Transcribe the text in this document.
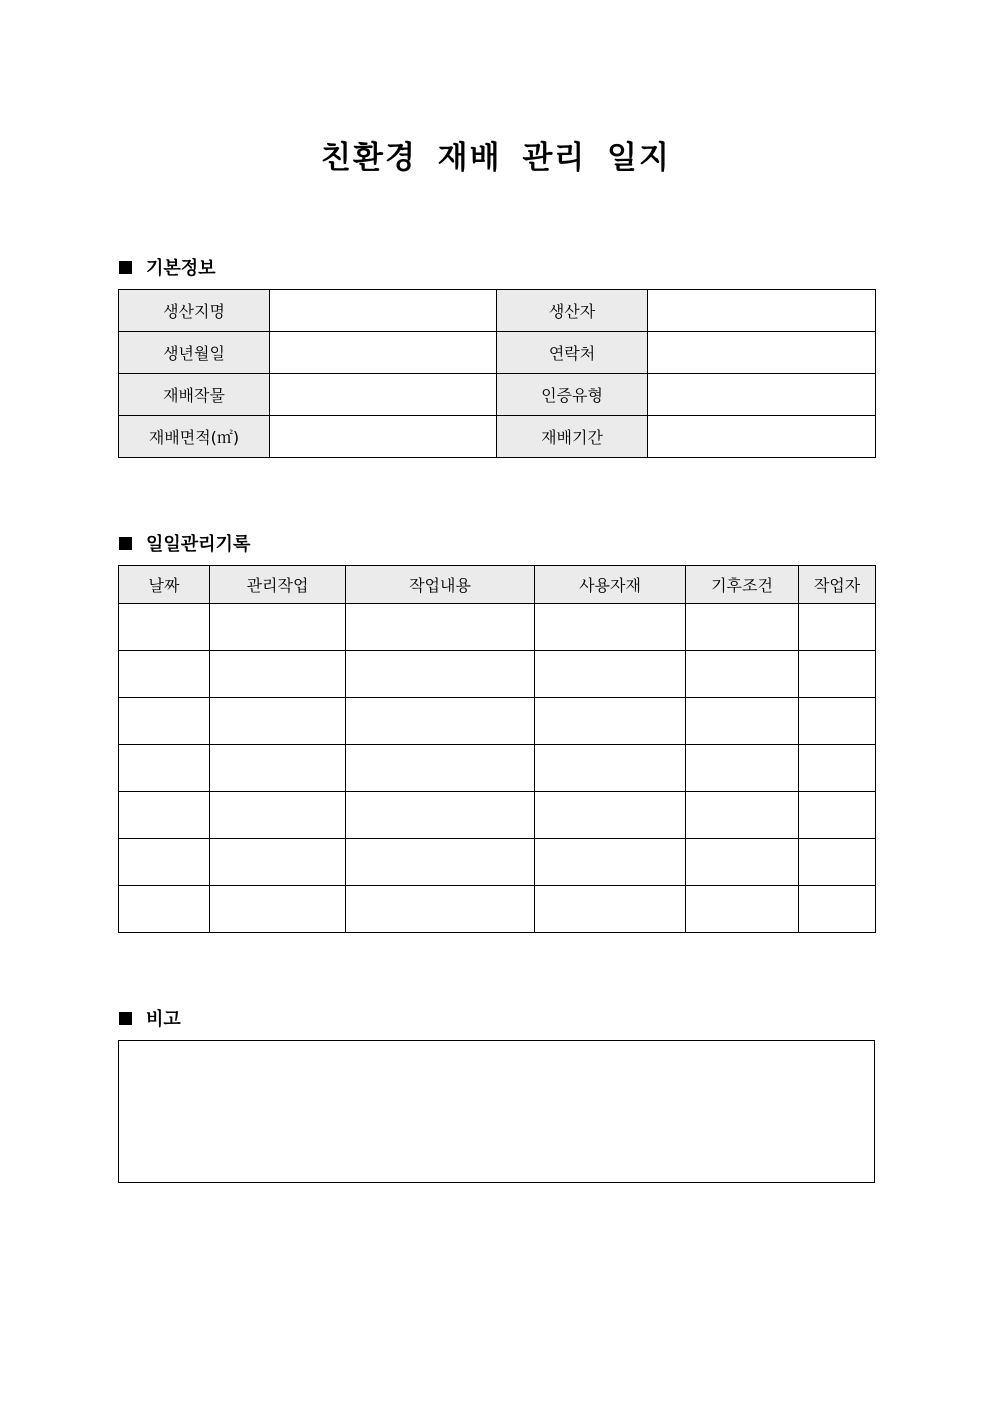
친환경 재배 관리 일지
기본정보
생산지명		생산자	
생년월일		연락처	
재배작물		인증유형	
재배면적(㎡)		재배기간	
일일관리기록
날짜	관리작업	작업내용	사용자재	기후조건	작업자

비고
